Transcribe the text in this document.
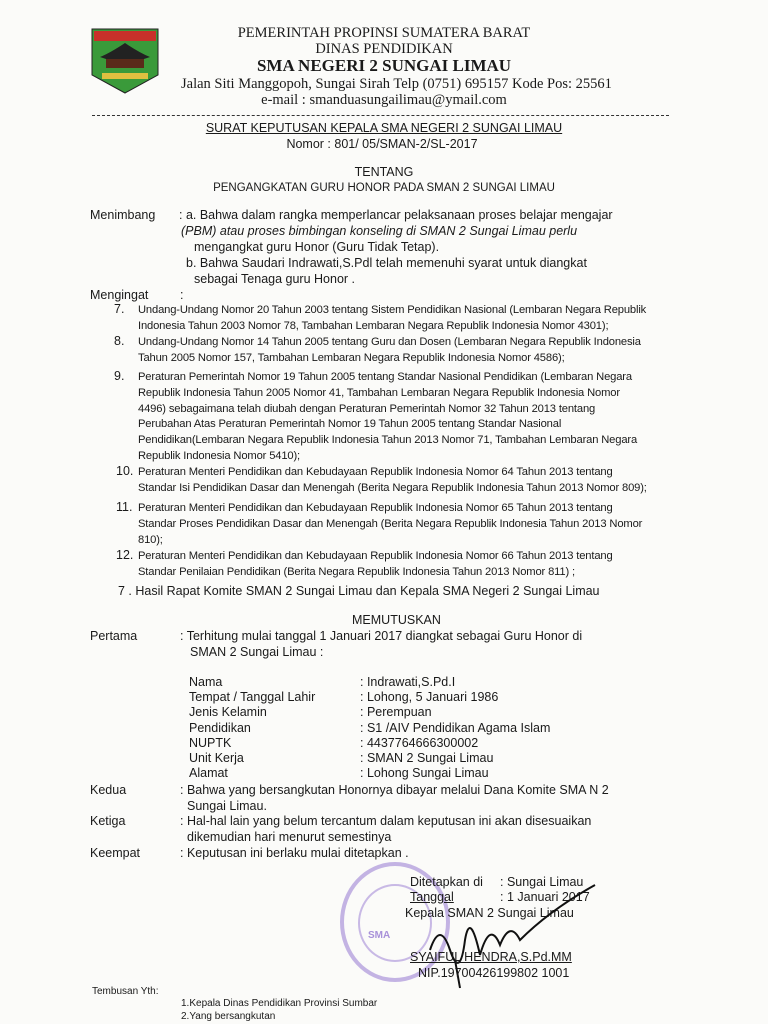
PEMERINTAH PROPINSI SUMATERA BARAT
DINAS PENDIDIKAN
SMA NEGERI 2 SUNGAI LIMAU
Jalan Siti Manggopoh, Sungai Sirah Telp (0751) 695157 Kode Pos: 25561
e-mail : smanduasungailimau@ymail.com
SURAT KEPUTUSAN KEPALA SMA NEGERI 2 SUNGAI LIMAU
Nomor : 801/ 05/SMAN-2/SL-2017
TENTANG
PENGANGKATAN GURU HONOR PADA SMAN 2 SUNGAI LIMAU
Menimbang : a. Bahwa dalam rangka memperlancar pelaksanaan proses belajar mengajar
(PBM) atau proses bimbingan konseling di SMAN 2 Sungai Limau perlu
mengangkat guru Honor (Guru Tidak Tetap).
b. Bahwa Saudari Indrawati,S.Pdl telah memenuhi syarat untuk diangkat
sebagai Tenaga guru Honor .
Mengingat	:
7. Undang-Undang Nomor 20 Tahun 2003 tentang Sistem Pendidikan Nasional (Lembaran Negara Republik
Indonesia Tahun 2003 Nomor 78, Tambahan Lembaran Negara Republik Indonesia Nomor 4301);
8. Undang-Undang Nomor 14 Tahun 2005 tentang Guru dan Dosen (Lembaran Negara Republik Indonesia
Tahun 2005 Nomor 157, Tambahan Lembaran Negara Republik Indonesia Nomor 4586);
9. Peraturan Pemerintah Nomor 19 Tahun 2005 tentang Standar Nasional Pendidikan (Lembaran Negara
Republik Indonesia Tahun 2005 Nomor 41, Tambahan Lembaran Negara Republik Indonesia Nomor
4496) sebagaimana telah diubah dengan Peraturan Pemerintah Nomor 32 Tahun 2013 tentang
Perubahan Atas Peraturan Pemerintah Nomor 19 Tahun 2005 tentang Standar Nasional
Pendidikan(Lembaran Negara Republik Indonesia Tahun 2013 Nomor 71, Tambahan Lembaran Negara
Republik Indonesia Nomor 5410);
10. Peraturan Menteri Pendidikan dan Kebudayaan Republik Indonesia Nomor 64 Tahun 2013 tentang
Standar Isi Pendidikan Dasar dan Menengah (Berita Negara Republik Indonesia Tahun 2013 Nomor 809);
11. Peraturan Menteri Pendidikan dan Kebudayaan Republik Indonesia Nomor 65 Tahun 2013 tentang
Standar Proses Pendidikan Dasar dan Menengah (Berita Negara Republik Indonesia Tahun 2013 Nomor
810);
12. Peraturan Menteri Pendidikan dan Kebudayaan Republik Indonesia Nomor 66 Tahun 2013 tentang
Standar Penilaian Pendidikan (Berita Negara Republik Indonesia Tahun 2013 Nomor 811) ;
7 . Hasil Rapat Komite SMAN 2 Sungai Limau dan Kepala SMA Negeri 2 Sungai Limau
MEMUTUSKAN
Pertama	: Terhitung mulai tanggal 1 Januari 2017 diangkat sebagai Guru Honor di
SMAN 2 Sungai Limau :
Nama	: Indrawati,S.Pd.I
Tempat / Tanggal Lahir	: Lohong, 5 Januari 1986
Jenis Kelamin	: Perempuan
Pendidikan	: S1 /AIV Pendidikan Agama Islam
NUPTK	: 4437764666300002
Unit Kerja	: SMAN 2 Sungai Limau
Alamat	: Lohong Sungai Limau
Kedua	: Bahwa yang bersangkutan Honornya dibayar melalui Dana Komite SMA N 2
Sungai Limau.
Ketiga	: Hal-hal lain yang belum tercantum dalam keputusan ini akan disesuaikan
dikemudian hari menurut semestinya
Keempat	: Keputusan ini berlaku mulai ditetapkan .
SMA
Ditetapkan di : Sungai Limau
Tanggal	: 1 Januari 2017
Kepala SMAN 2 Sungai Limau
SYAIFUL HENDRA,S.Pd.MM
NIP.19700426199802 1001
Tembusan Yth:
1.Kepala Dinas Pendidikan Provinsi Sumbar
2.Yang bersangkutan
